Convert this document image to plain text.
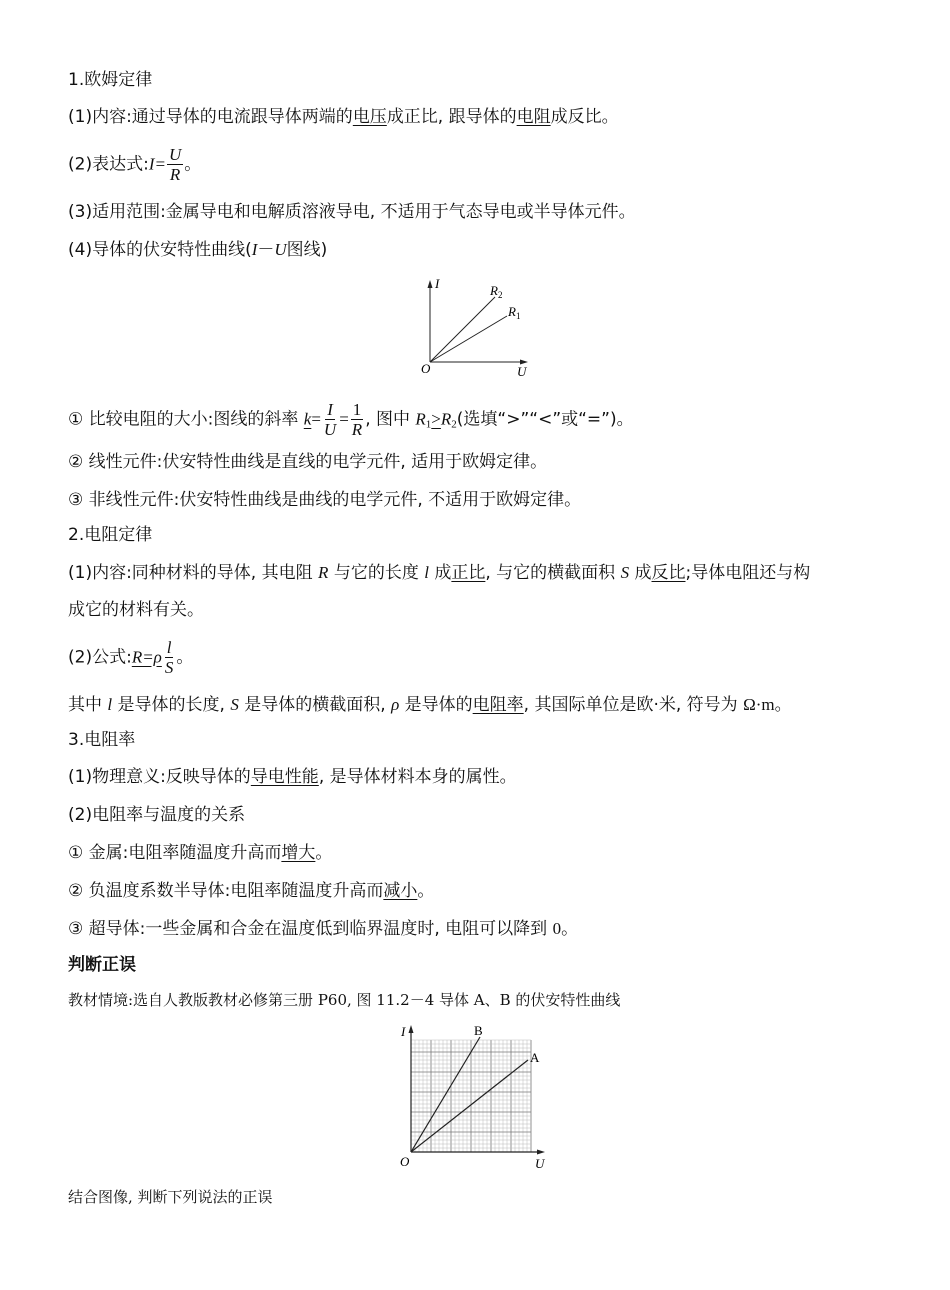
1.欧姆定律
(1)内容:通过导体的电流跟导体两端的电压成正比, 跟导体的电阻成反比。
(2)表达式:I= $\frac{U}{R}$ 。
(3)适用范围:金属导电和电解质溶液导电, 不适用于气态导电或半导体元件。
(4)导体的伏安特性曲线(I－U图线)
I
U
O
$R_2$
$R_1$
① 比较电阻的大小:图线的斜率 $k= \frac{I}{U} = \frac{1}{R}$ , 图中 $R_1>R_2$(选填“>”“<”或“=”)。
② 线性元件:伏安特性曲线是直线的电学元件, 适用于欧姆定律。
③ 非线性元件:伏安特性曲线是曲线的电学元件, 不适用于欧姆定律。
2.电阻定律
(1)内容:同种材料的导体, 其电阻 R 与它的长度 l 成正比, 与它的横截面积 S 成反比;导体电阻还与构
成它的材料有关。
(2)公式:R=ρ $\frac{l}{S}$ 。
其中 l 是导体的长度, S 是导体的横截面积, ρ 是导体的电阻率, 其国际单位是欧·米, 符号为 Ω·m。
3.电阻率
(1)物理意义:反映导体的导电性能, 是导体材料本身的属性。
(2)电阻率与温度的关系
① 金属:电阻率随温度升高而增大。
② 负温度系数半导体:电阻率随温度升高而减小。
③ 超导体:一些金属和合金在温度低到临界温度时, 电阻可以降到 0。
判断正误
教材情境:选自人教版教材必修第三册 P60, 图 11.2－4 导体 A、B 的伏安特性曲线
I
U
O
B
A
结合图像, 判断下列说法的正误
